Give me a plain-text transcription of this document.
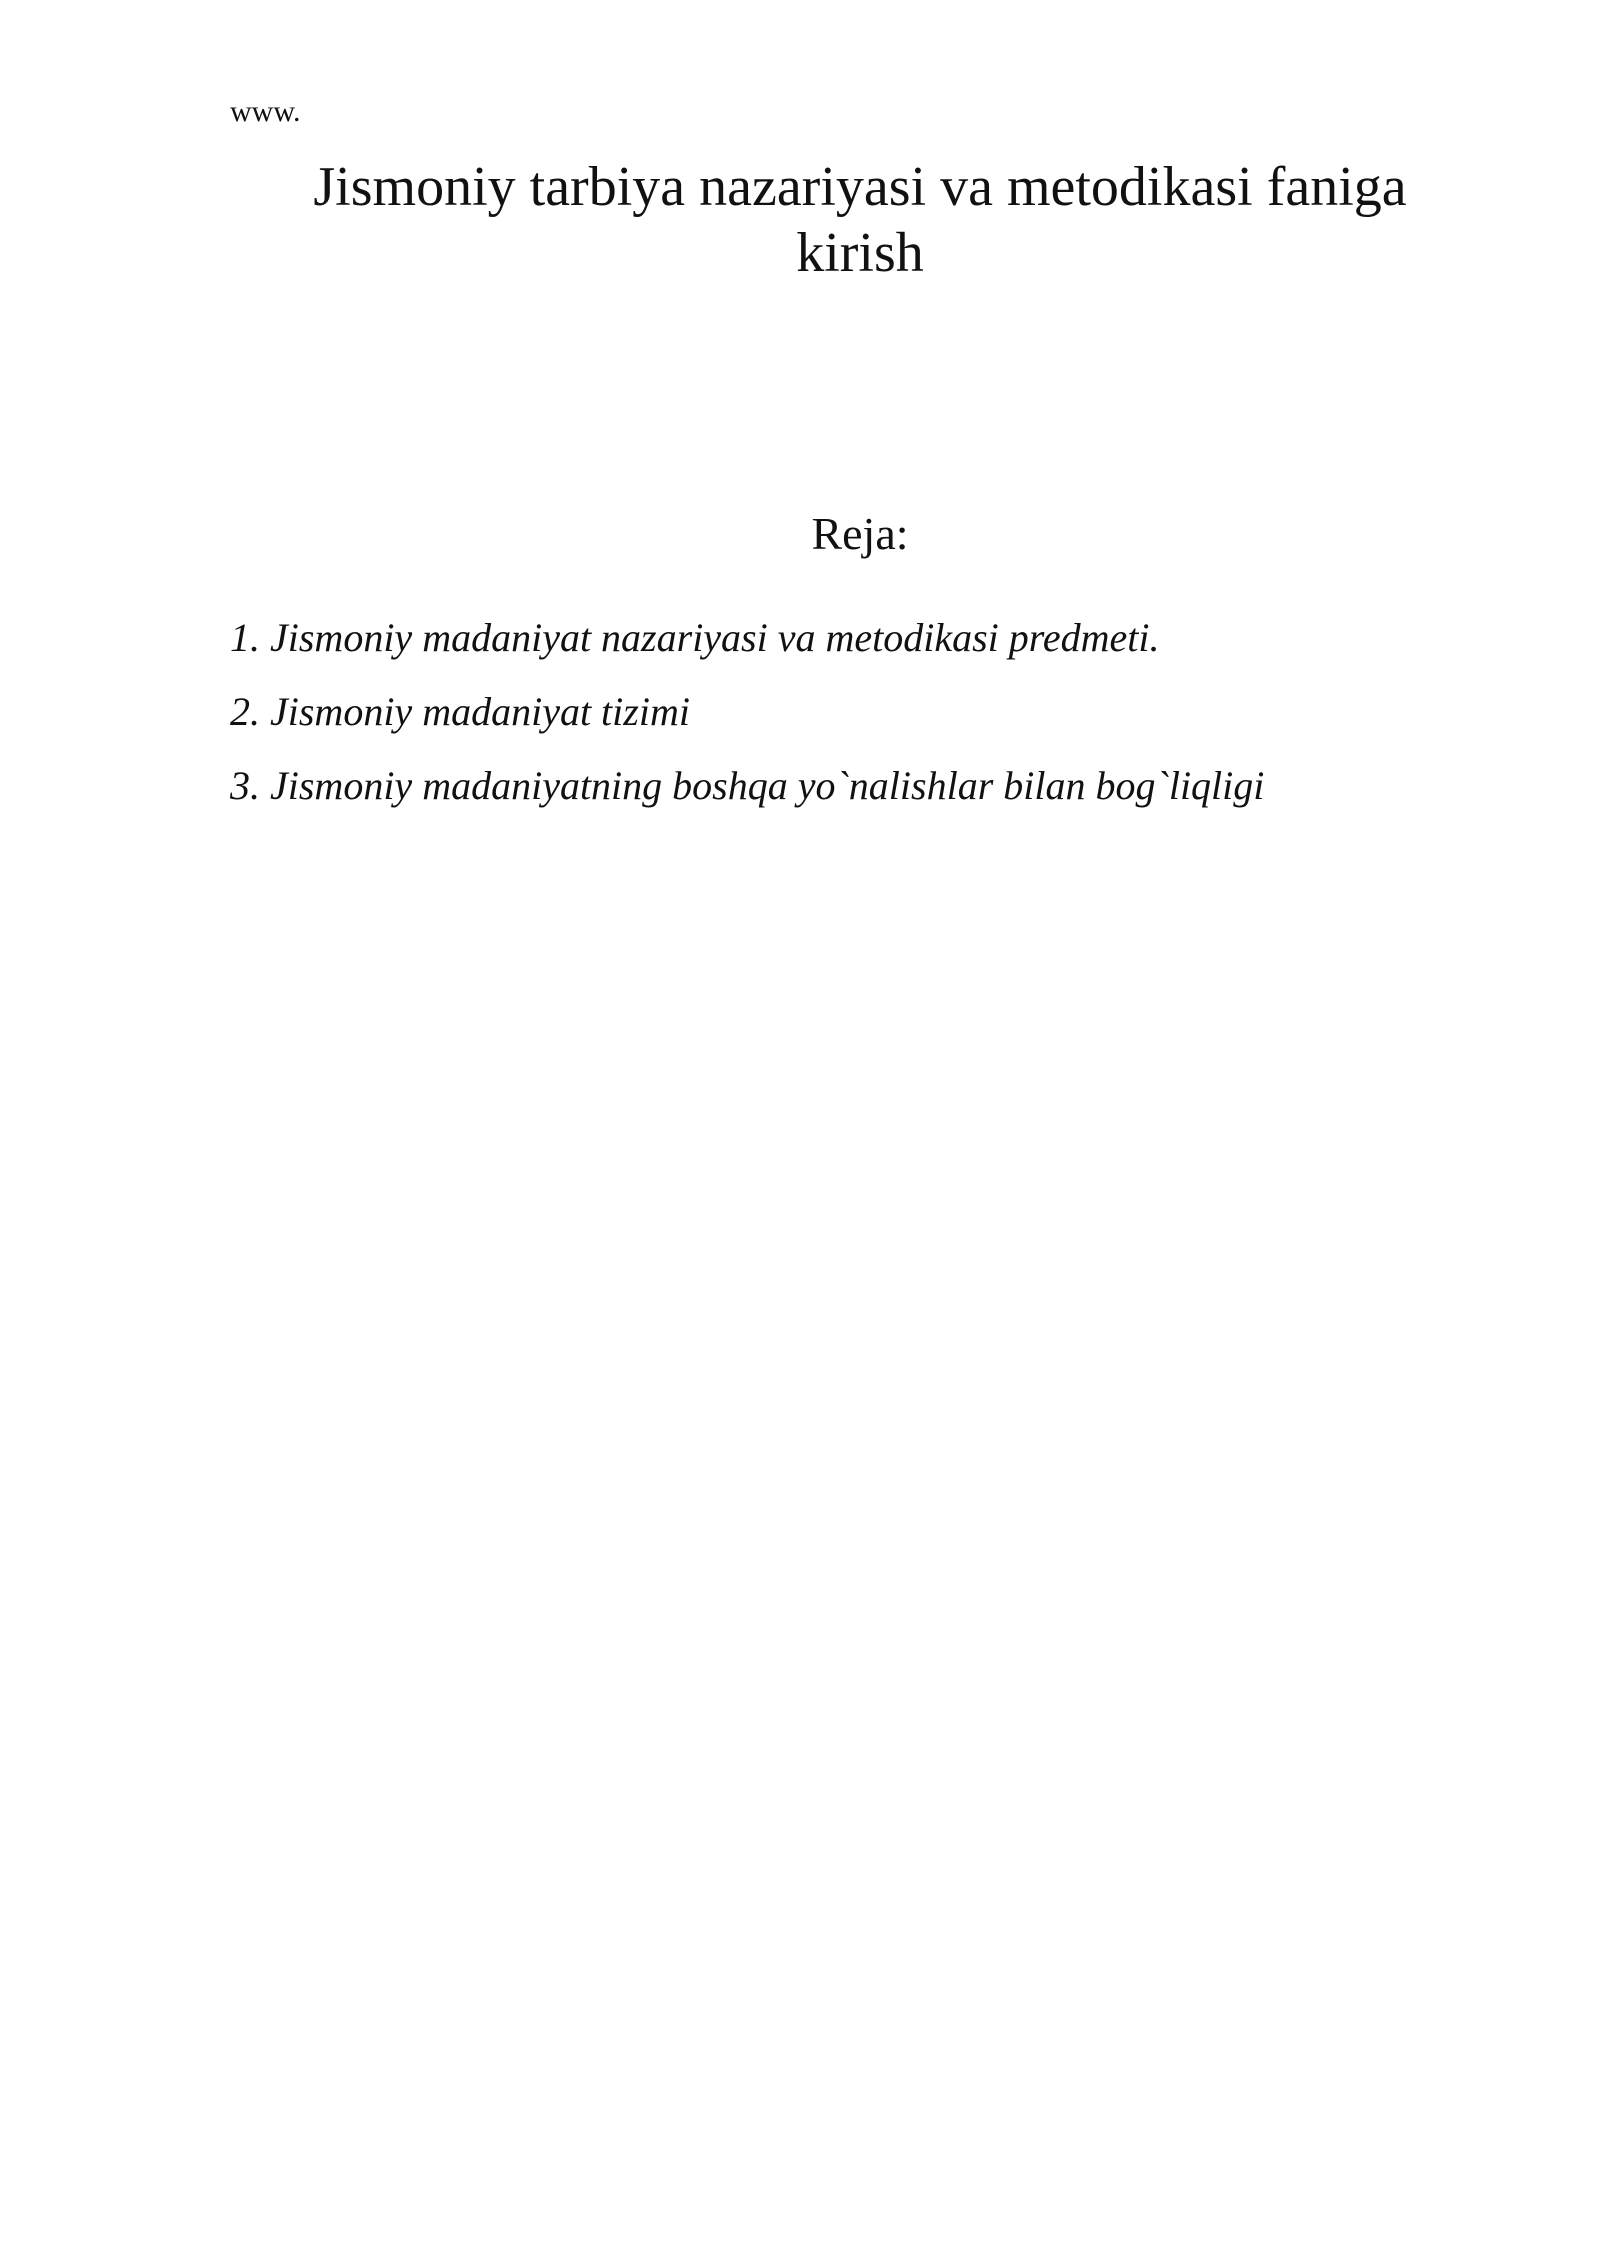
www.
Jismoniy tarbiya nazariyasi va metodikasi faniga
kirish
Reja:
1. Jismoniy madaniyat nazariyasi va metodikasi predmeti.
2. Jismoniy madaniyat tizimi
3. Jismoniy madaniyatning boshqa yo`nalishlar bilan bog`liqligi
